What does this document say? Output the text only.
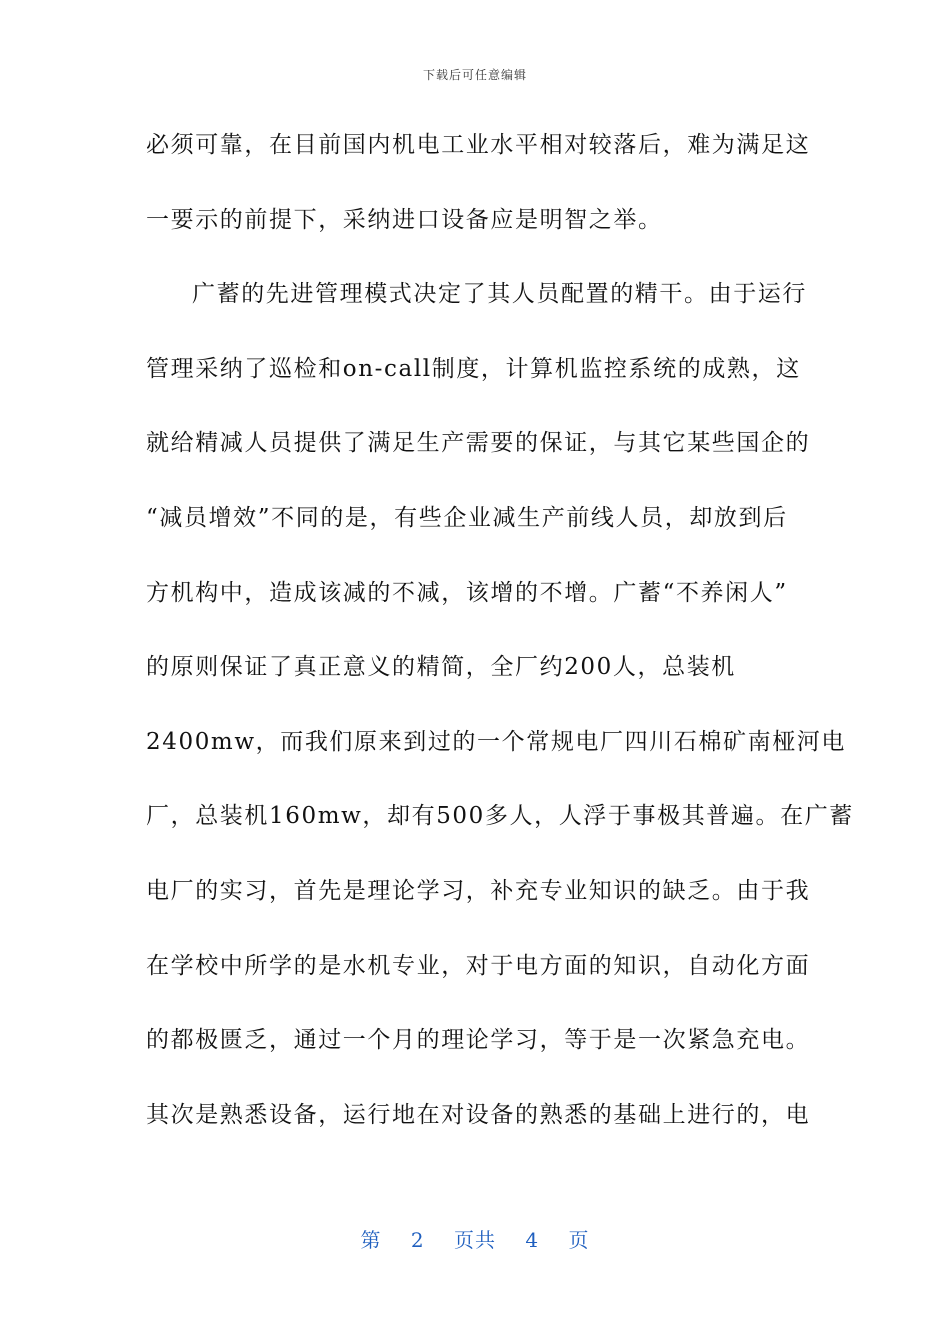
下载后可任意编辑
必须可靠，在目前国内机电工业水平相对较落后，难为满足这
一要示的前提下，采纳进口设备应是明智之举。
广蓄的先进管理模式决定了其人员配置的精干。由于运行
管理采纳了巡检和on-call制度，计算机监控系统的成熟，这
就给精减人员提供了满足生产需要的保证，与其它某些国企的
“减员增效”不同的是，有些企业减生产前线人员，却放到后
方机构中，造成该减的不减，该增的不增。广蓄“不养闲人”
的原则保证了真正意义的精简，全厂约200人，总装机
2400mw，而我们原来到过的一个常规电厂四川石棉矿南桠河电
厂，总装机160mw，却有500多人，人浮于事极其普遍。在广蓄
电厂的实习，首先是理论学习，补充专业知识的缺乏。由于我
在学校中所学的是水机专业，对于电方面的知识，自动化方面
的都极匮乏，通过一个月的理论学习，等于是一次紧急充电。
其次是熟悉设备，运行地在对设备的熟悉的基础上进行的，电
第 2 页共 4 页
